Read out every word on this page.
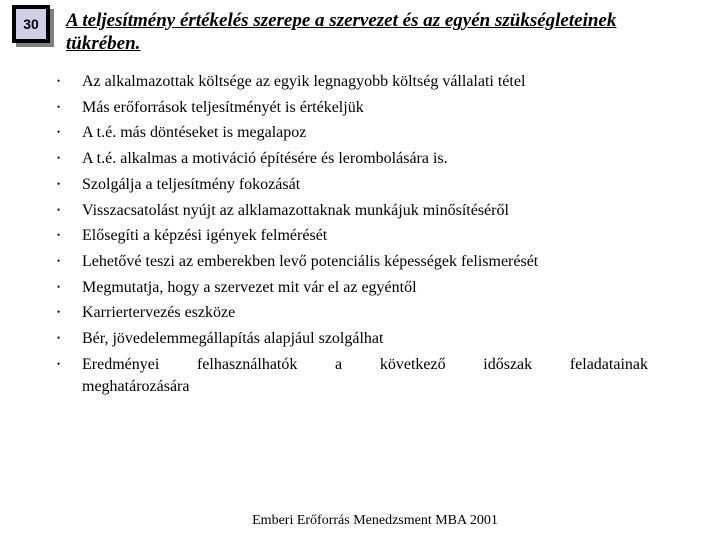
30	A teljesítmény értékelés szerepe a szervezet és az egyén szükségleteinek tükrében.
• Az alkalmazottak költsége az egyik legnagyobb költség vállalati tétel
• Más erőforrások teljesítményét is értékeljük
• A t.é. más döntéseket is megalapoz
• A t.é. alkalmas a motiváció építésére és lerombolására is.
• Szolgálja a teljesítmény fokozását
• Visszacsatolást nyújt az alklamazottaknak munkájuk minősítéséről
• Elősegíti a képzési igények felmérését
• Lehetővé teszi az emberekben levő potenciális képességek felismerését
• Megmutatja, hogy a szervezet mit vár el az egyéntől
• Karriertervezés eszköze
• Bér, jövedelemmegállapítás alapjául szolgálhat
• Eredményei felhasználhatók a következő időszak feladatainak
meghatározására
Emberi Erőforrás Menedzsment MBA 2001
